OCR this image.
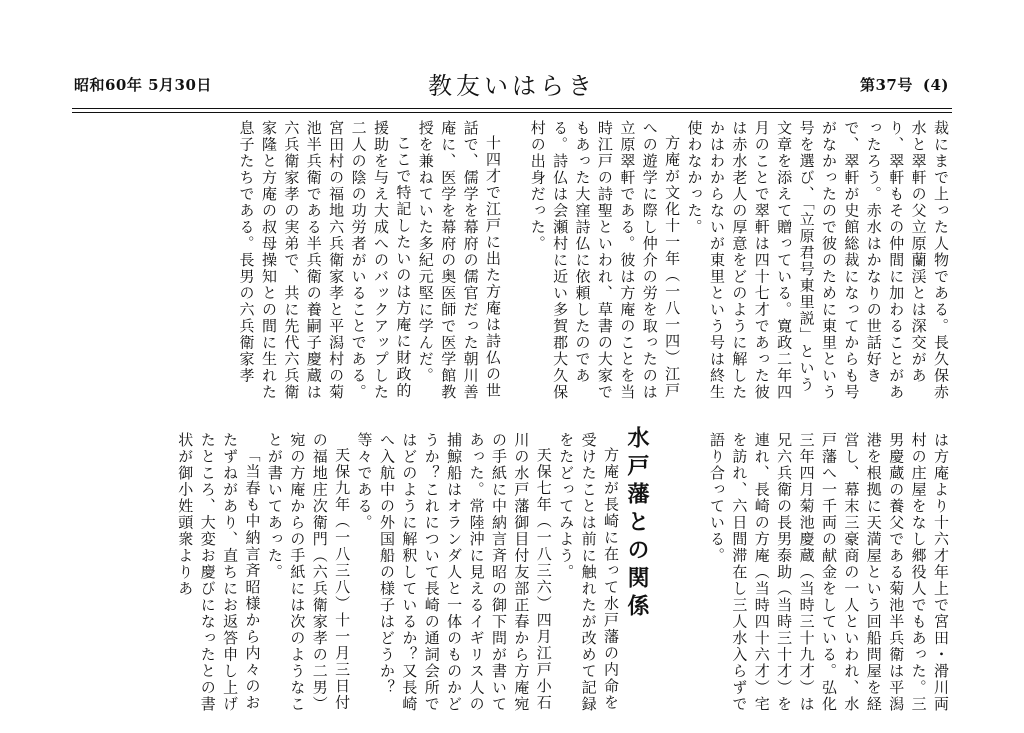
昭和60年 5月30日	教友いはらき	第37号 (4)

裁にまで上った人物である。長久保赤水と翠軒の父立原蘭渓とは深交があり、翠軒もその仲間に加わることがあったろう。赤水はかなりの世話好きで、翠軒が史館総裁になってからも号がなかったので彼のために東里という号を選び、「立原君号東里説」という文章を添えて贈っている。寛政二年四月のことで翠軒は四十七才であった彼は赤水老人の厚意をどのように解したかはわからないが東里という号は終生使わなかった。

方庵が文化十一年（一八一四）江戸への遊学に際し仲介の労を取ったのは立原翠軒である。彼は方庵のことを当時江戸の詩聖といわれ、草書の大家でもあった大窪詩仏に依頼したのである。詩仏は会瀬村に近い多賀郡大久保村の出身だった。

十四才で江戸に出た方庵は詩仏の世話で、儒学を幕府の儒官だった朝川善庵に、医学を幕府の奥医師で医学館教授を兼ねていた多紀元堅に学んだ。

ここで特記したいのは方庵に財政的援助を与え大成へのバックアップした二人の陰の功労者がいることである。宮田村の福地六兵衛家孝と平潟村の菊池半兵衛である半兵衛の養嗣子慶蔵は六兵衛家孝の実弟で、共に先代六兵衛家隆と方庵の叔母操知との間に生れた息子たちである。長男の六兵衛家孝

は方庵より十六才年上で宮田・滑川両村の庄屋をなし郷役人でもあった。三男慶蔵の養父である菊池半兵衛は平潟港を根拠に天満屋という回船問屋を経営し、幕末三豪商の一人といわれ、水戸藩へ一千両の献金をしている。弘化三年四月菊池慶蔵（当時三十九才）は兄六兵衛の長男泰助（当時三十才）を連れ、長崎の方庵（当時四十六才）宅を訪れ、六日間滞在し三人水入らずで語り合っている。

水戸藩との関係

方庵が長崎に在って水戸藩の内命を受けたことは前に触れたが改めて記録をたどってみよう。

天保七年（一八三六）四月江戸小石川の水戸藩御目付友部正春から方庵宛の手紙に中納言斉昭の御下問が書いてあった。常陸沖に見えるイギリス人の捕鯨船はオランダ人と一体のものかどうか？これについて長崎の通詞会所ではどのように解釈しているか？又長崎へ入航中の外国船の様子はどうか？等々である。

天保九年（一八三八）十一月三日付の福地庄次衛門（六兵衛家孝の二男）宛の方庵からの手紙には次のようなことが書いてあった。

「当春も中納言斉昭様から内々のおたずねがあり、直ちにお返答申し上げたところ、大変お慶びになったとの書状が御小姓頭衆よりあ
